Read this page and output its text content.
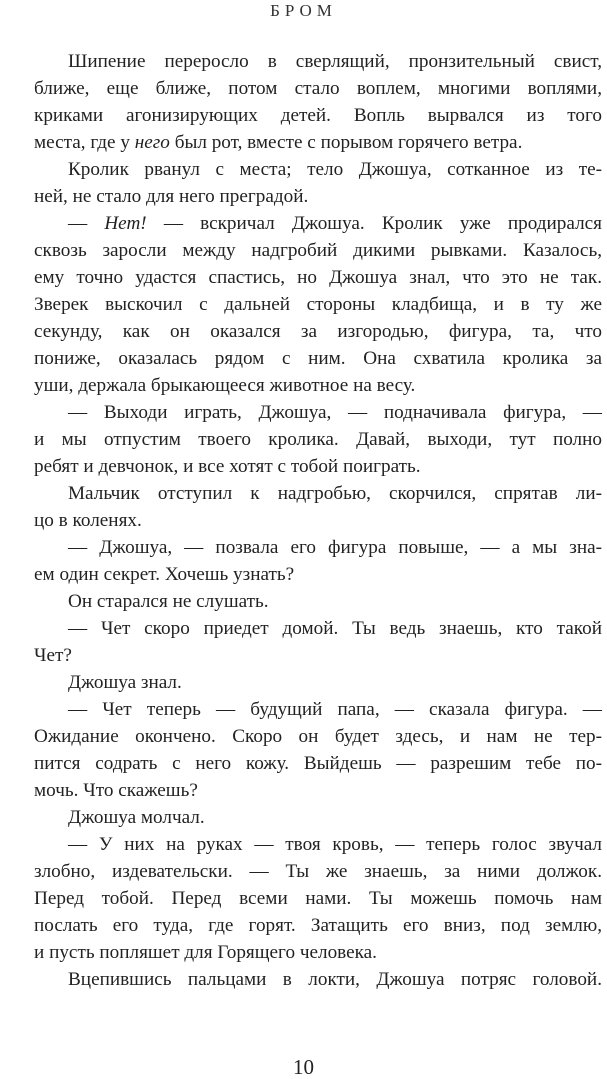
БРОМ
Шипение переросло в сверлящий, пронзительный свист,
ближе, еще ближе, потом стало воплем, многими воплями,
криками агонизирующих детей. Вопль вырвался из того
места, где у него был рот, вместе с порывом горячего ветра.
Кролик рванул с места; тело Джошуа, сотканное из те-
ней, не стало для него преградой.
— Нет! — вскричал Джошуа. Кролик уже продирался
сквозь заросли между надгробий дикими рывками. Казалось,
ему точно удастся спастись, но Джошуа знал, что это не так.
Зверек выскочил с дальней стороны кладбища, и в ту же
секунду, как он оказался за изгородью, фигура, та, что
пониже, оказалась рядом с ним. Она схватила кролика за
уши, держала брыкающееся животное на весу.
— Выходи играть, Джошуа, — подначивала фигура, —
и мы отпустим твоего кролика. Давай, выходи, тут полно
ребят и девчонок, и все хотят с тобой поиграть.
Мальчик отступил к надгробью, скорчился, спрятав ли-
цо в коленях.
— Джошуа, — позвала его фигура повыше, — а мы зна-
ем один секрет. Хочешь узнать?
Он старался не слушать.
— Чет скоро приедет домой. Ты ведь знаешь, кто такой
Чет?
Джошуа знал.
— Чет теперь — будущий папа, — сказала фигура. —
Ожидание окончено. Скоро он будет здесь, и нам не тер-
пится содрать с него кожу. Выйдешь — разрешим тебе по-
мочь. Что скажешь?
Джошуа молчал.
— У них на руках — твоя кровь, — теперь голос звучал
злобно, издевательски. — Ты же знаешь, за ними должок.
Перед тобой. Перед всеми нами. Ты можешь помочь нам
послать его туда, где горят. Затащить его вниз, под землю,
и пусть попляшет для Горящего человека.
Вцепившись пальцами в локти, Джошуа потряс головой.
10
